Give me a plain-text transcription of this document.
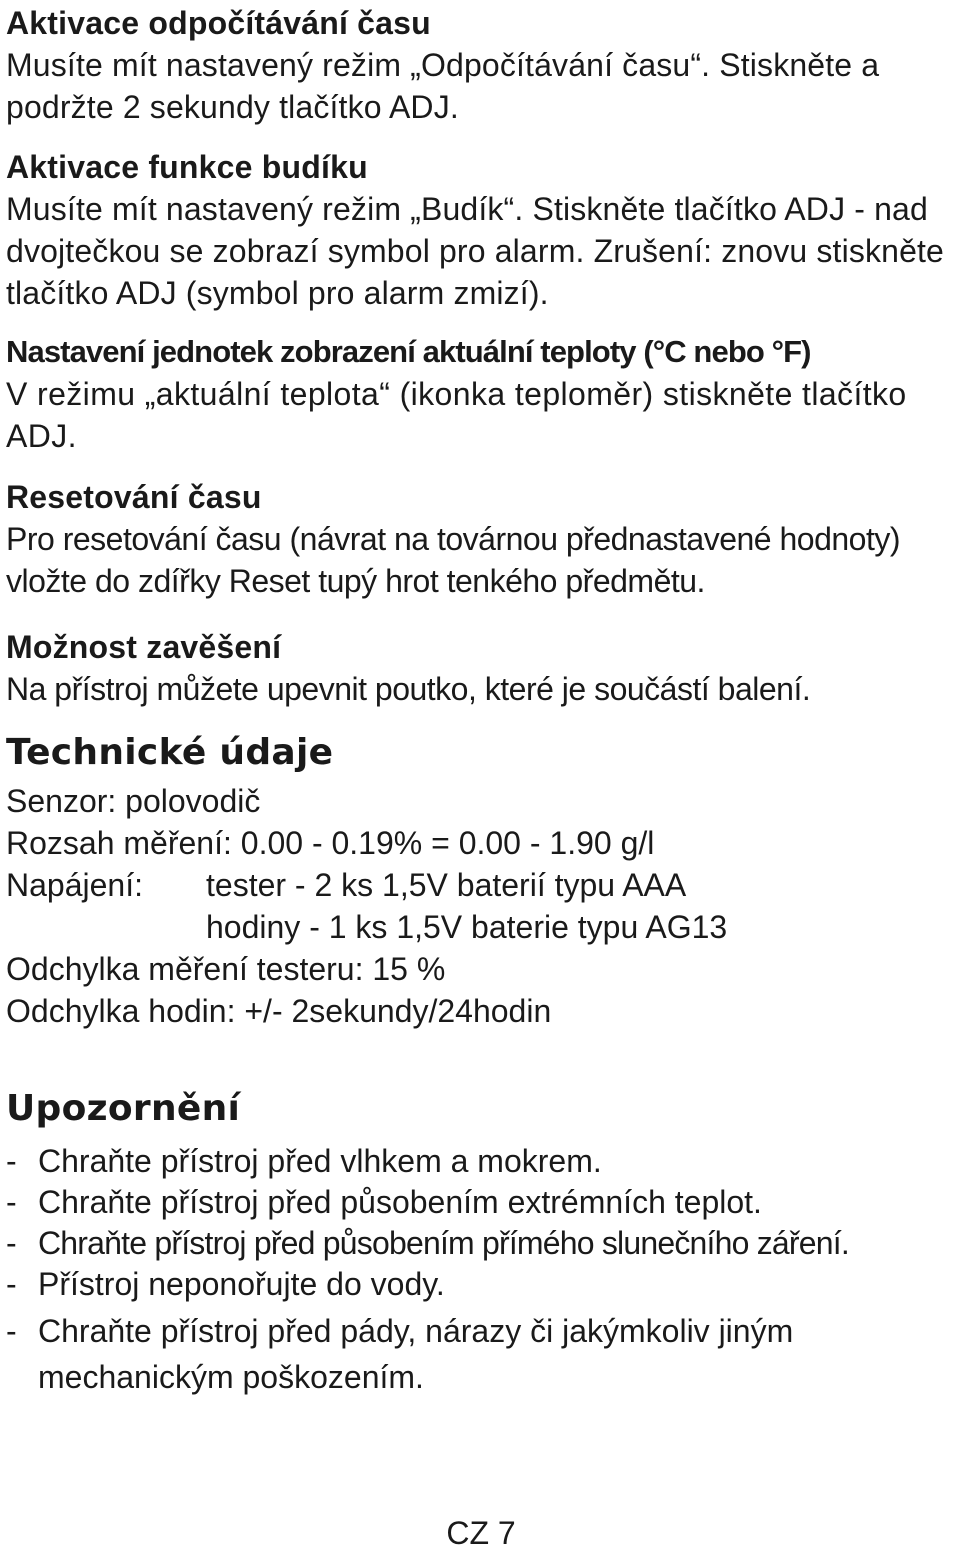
Aktivace odpočítávání času

Musíte mít nastavený režim „Odpočítávání času“. Stiskněte a podržte 2 sekundy tlačítko ADJ.

Aktivace funkce budíku

Musíte mít nastavený režim „Budík“. Stiskněte tlačítko ADJ - nad dvojtečkou se zobrazí symbol pro alarm. Zrušení: znovu stiskněte tlačítko ADJ (symbol pro alarm zmizí).

Nastavení jednotek zobrazení aktuální teploty (°C nebo °F)

V režimu „aktuální teplota“ (ikonka teploměr) stiskněte tlačítko ADJ.

Resetování času

Pro resetování času (návrat na továrnou přednastavené hodnoty) vložte do zdířky Reset tupý hrot tenkého předmětu.

Možnost zavěšení

Na přístroj můžete upevnit poutko, které je součástí balení.

Technické údaje

Senzor: polovodič
Rozsah měření: 0.00 - 0.19% = 0.00 - 1.90 g/l
Napájení: tester - 2 ks 1,5V baterií typu AAA
hodiny - 1 ks 1,5V baterie typu AG13
Odchylka měření testeru: 15 %
Odchylka hodin: +/- 2sekundy/24hodin

Upozornění

- Chraňte přístroj před vlhkem a mokrem.
- Chraňte přístroj před působením extrémních teplot.
- Chraňte přístroj před působením přímého slunečního záření.
- Přístroj neponořujte do vody.
- Chraňte přístroj před pády, nárazy či jakýmkoliv jiným mechanickým poškozením.
CZ 7
